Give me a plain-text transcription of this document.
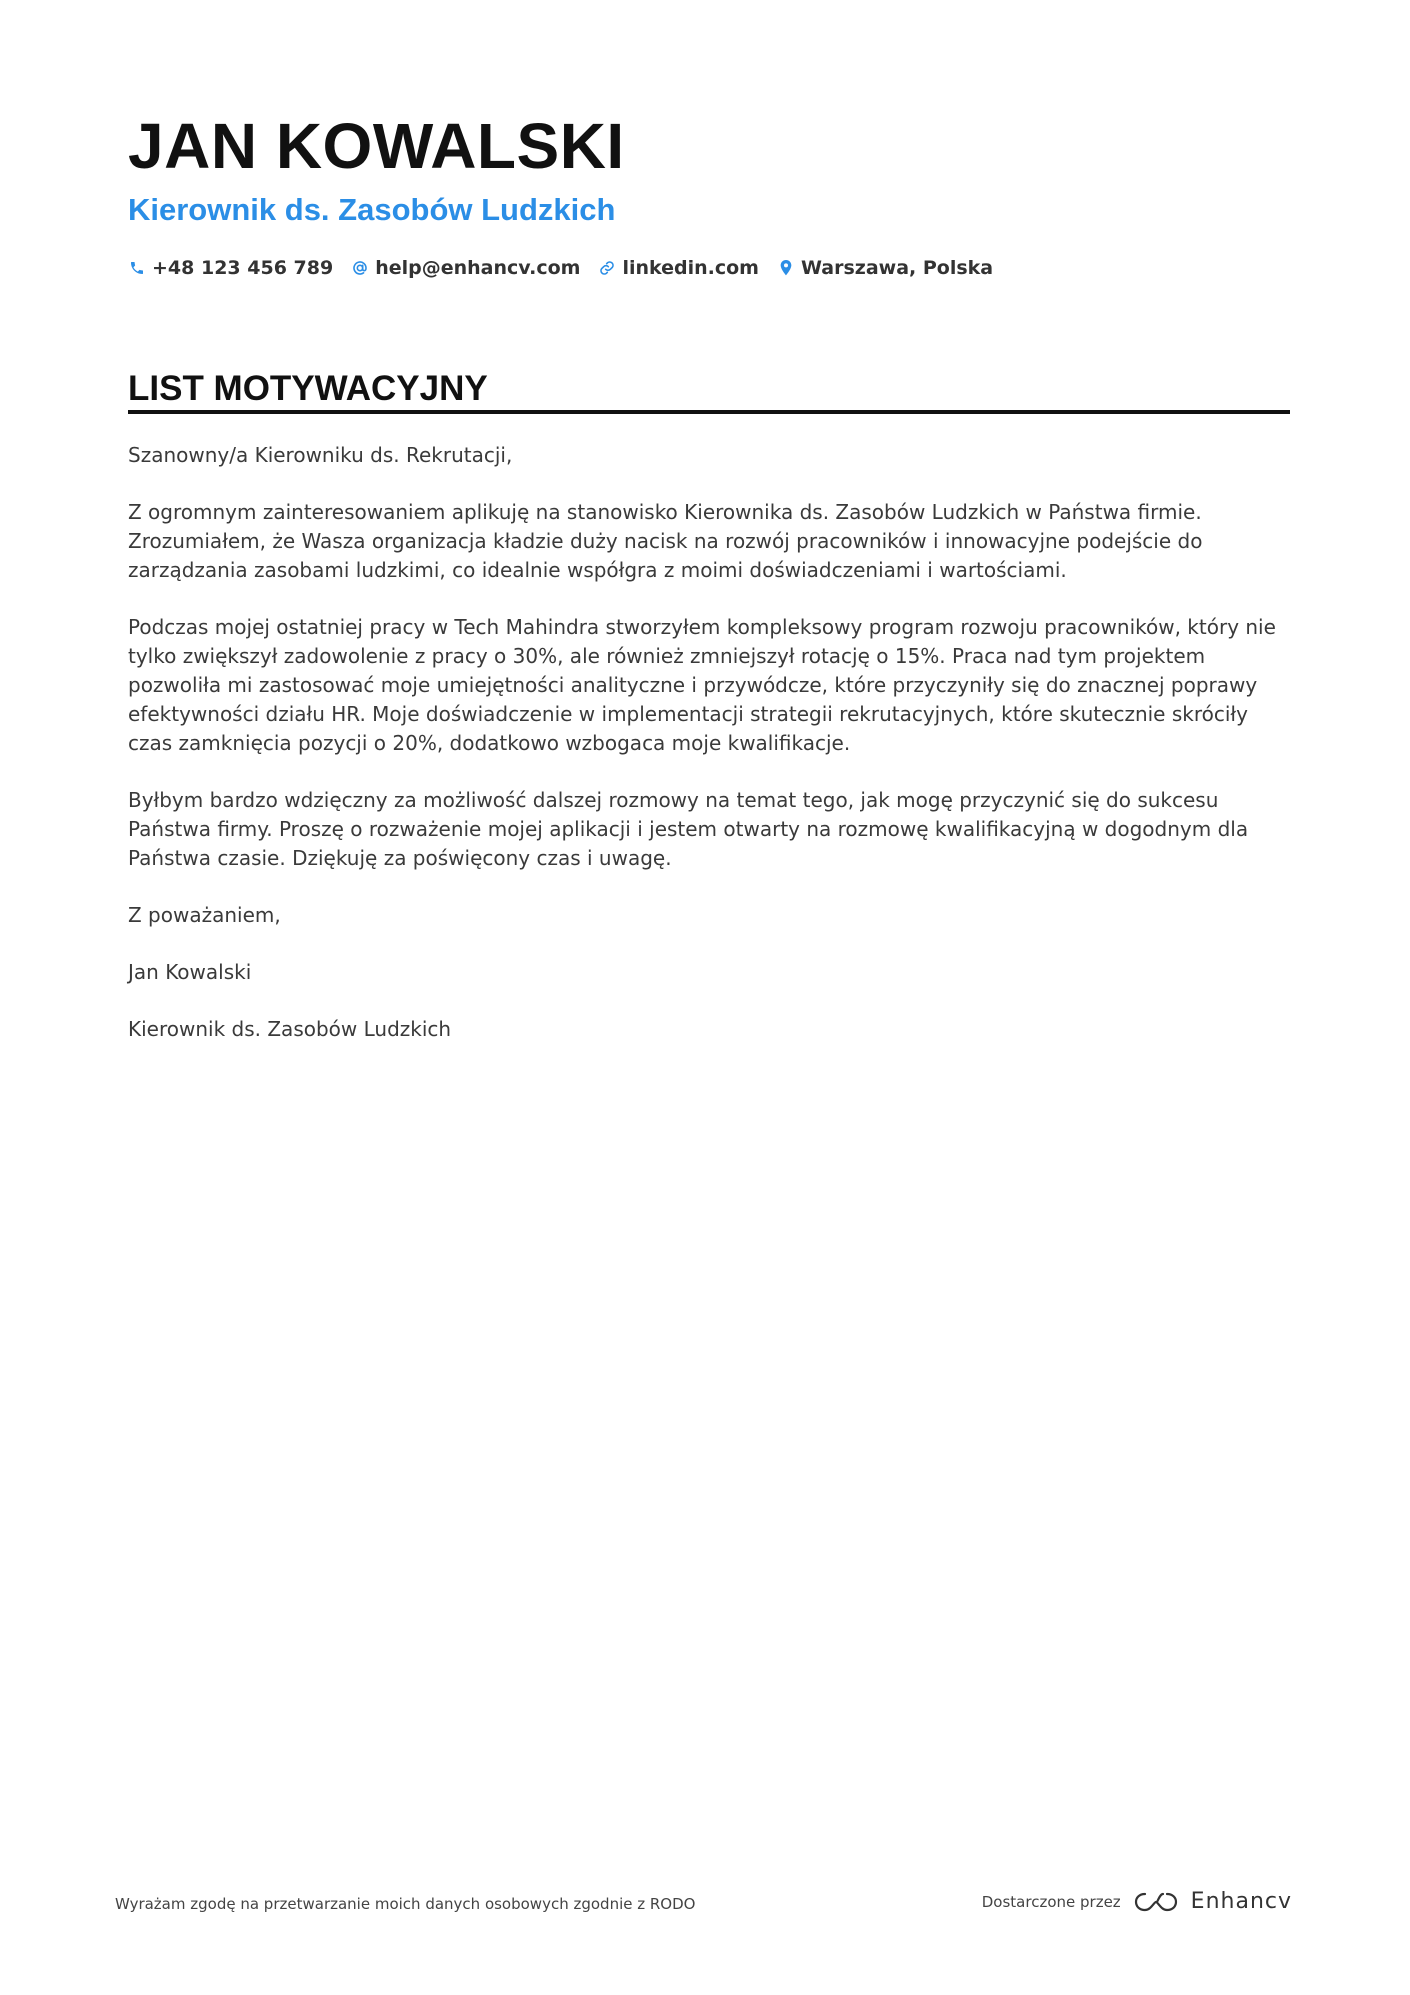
JAN KOWALSKI
Kierownik ds. Zasobów Ludzkich
+48 123 456 789 help@enhancv.com linkedin.com Warszawa, Polska
LIST MOTYWACYJNY

Szanowny/a Kierowniku ds. Rekrutacji,

Z ogromnym zainteresowaniem aplikuję na stanowisko Kierownika ds. Zasobów Ludzkich w Państwa firmie. Zrozumiałem, że Wasza organizacja kładzie duży nacisk na rozwój pracowników i innowacyjne podejście do zarządzania zasobami ludzkimi, co idealnie współgra z moimi doświadczeniami i wartościami.

Podczas mojej ostatniej pracy w Tech Mahindra stworzyłem kompleksowy program rozwoju pracowników, który nie tylko zwiększył zadowolenie z pracy o 30%, ale również zmniejszył rotację o 15%. Praca nad tym projektem pozwoliła mi zastosować moje umiejętności analityczne i przywódcze, które przyczyniły się do znacznej poprawy efektywności działu HR. Moje doświadczenie w implementacji strategii rekrutacyjnych, które skutecznie skróciły czas zamknięcia pozycji o 20%, dodatkowo wzbogaca moje kwalifikacje.

Byłbym bardzo wdzięczny za możliwość dalszej rozmowy na temat tego, jak mogę przyczynić się do sukcesu Państwa firmy. Proszę o rozważenie mojej aplikacji i jestem otwarty na rozmowę kwalifikacyjną w dogodnym dla Państwa czasie. Dziękuję za poświęcony czas i uwagę.

Z poważaniem,

Jan Kowalski

Kierownik ds. Zasobów Ludzkich

Wyrażam zgodę na przetwarzanie moich danych osobowych zgodnie z RODO	Dostarczone przez	Enhancv
